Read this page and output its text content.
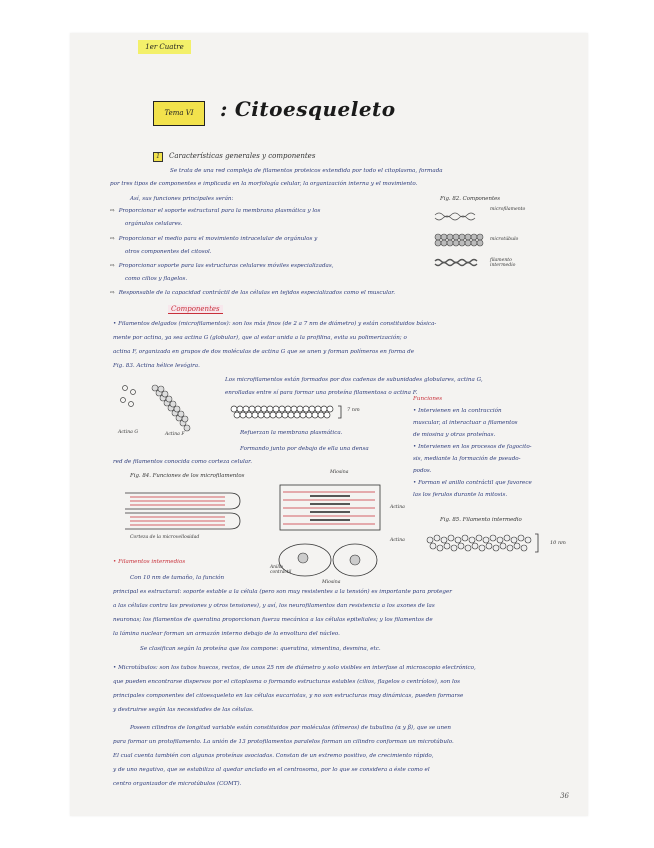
1er Cuatre
Tema VI	: Citoesqueleto
1 Características generales y componentes
Se trata de una red compleja de filamentos proteicos extendida por todo el citoplasma, formada
por tres tipos de componentes e implicada en la morfología celular, la organización interna y el movimiento.
Así, sus funciones principales serán:
⇨ Proporcionar el soporte estructural para la membrana plasmática y los
orgánulos celulares.
⇨ Proporcionar el medio para el movimiento intracelular de orgánulos y
otros componentes del citosol.
⇨ Proporcionar soporte para las estructuras celulares móviles especializadas,
como cilios y flagelos.
⇨ Responsable de la capacidad contráctil de las células en tejidos especializados como el muscular.
Fig. 82. Componentes
microfilamento
microtúbulo
filamento intermedio
Componentes
• Filamentos delgados (microfilamentos): son los más finos (de 2 a 7 nm de diámetro) y están constituidos básica-
mente por actina, ya sea actina G (globular), que al estar unida a la profilina, evita su polimerización; o
actina F, organizada en grupos de dos moléculas de actina G que se unen y forman polímeros en forma de
Fig. 83. Actina hélice levógira.
Los microfilamentos están formados por dos cadenas de subunidades globulares, actina G,
enrolladas entre sí para formar una proteína filamentosa o actina F.
Actina G	Actina F
7 nm
Refuerzan la membrana plasmática.
Funciones
• Intervienen en la contracción
muscular, al interactuar a filamentos
de miosina y otras proteínas.
• Intervienen en los procesos de fagocito-
sis, mediante la formación de pseudo-
podos.
• Forman el anillo contráctil que favorece
las los ferulos durante la mitosis.
Formando junto por debajo de ella una densa
red de filamentos conocida como corteza celular.
Fig. 84. Funciones de los microfilamentos
Corteza de la microvellosidad
Miosina
Actina
Anillo contráctil
Actina
Miosina
Fig. 85. Filamento intermedio
10 nm
• Filamentos intermedios
Con 10 nm de tamaño, la función
principal es estructural: soporte estable a la célula (pero son muy resistentes a la tensión) es importante para proteger
a las células contra las presiones y otros tensiones), y así, los neurofilamentos dan resistencia a los axones de las
neuronas; los filamentos de queratina proporcionan fuerza mecánica a las células epiteliales; y los filamentos de
la lámina nuclear forman un armazón interno debajo de la envoltura del núcleo.
Se clasifican según la proteína que los compone: queratina, vimentina, desmina, etc.
• Microtúbulos: son los tubos huecos, rectos, de unos 25 nm de diámetro y solo visibles en interfase al microscopio electrónico,
que pueden encontrarse dispersos por el citoplasma o formando estructuras estables (cilios, flagelos o centríolos), son los
principales componentes del citoesqueleto en las células eucariotas, y no son estructuras muy dinámicas, pueden formarse
y destruirse según las necesidades de las células.
Poseen cilindros de longitud variable están constituidos por moléculas (dímeros) de tubulina (α y β), que se unen
para formar un protofilamento. La unión de 13 protofilamentos paralelos forman un cilindro conforman un microtúbulo.
El cual cuenta también con algunas proteínas asociadas. Constan de un extremo positivo, de crecimiento rápido,
y de uno negativo, que se estabiliza al quedar anclado en el centrosoma, por lo que se considera a éste como el
centro organizador de microtúbulos (COMT).
36
